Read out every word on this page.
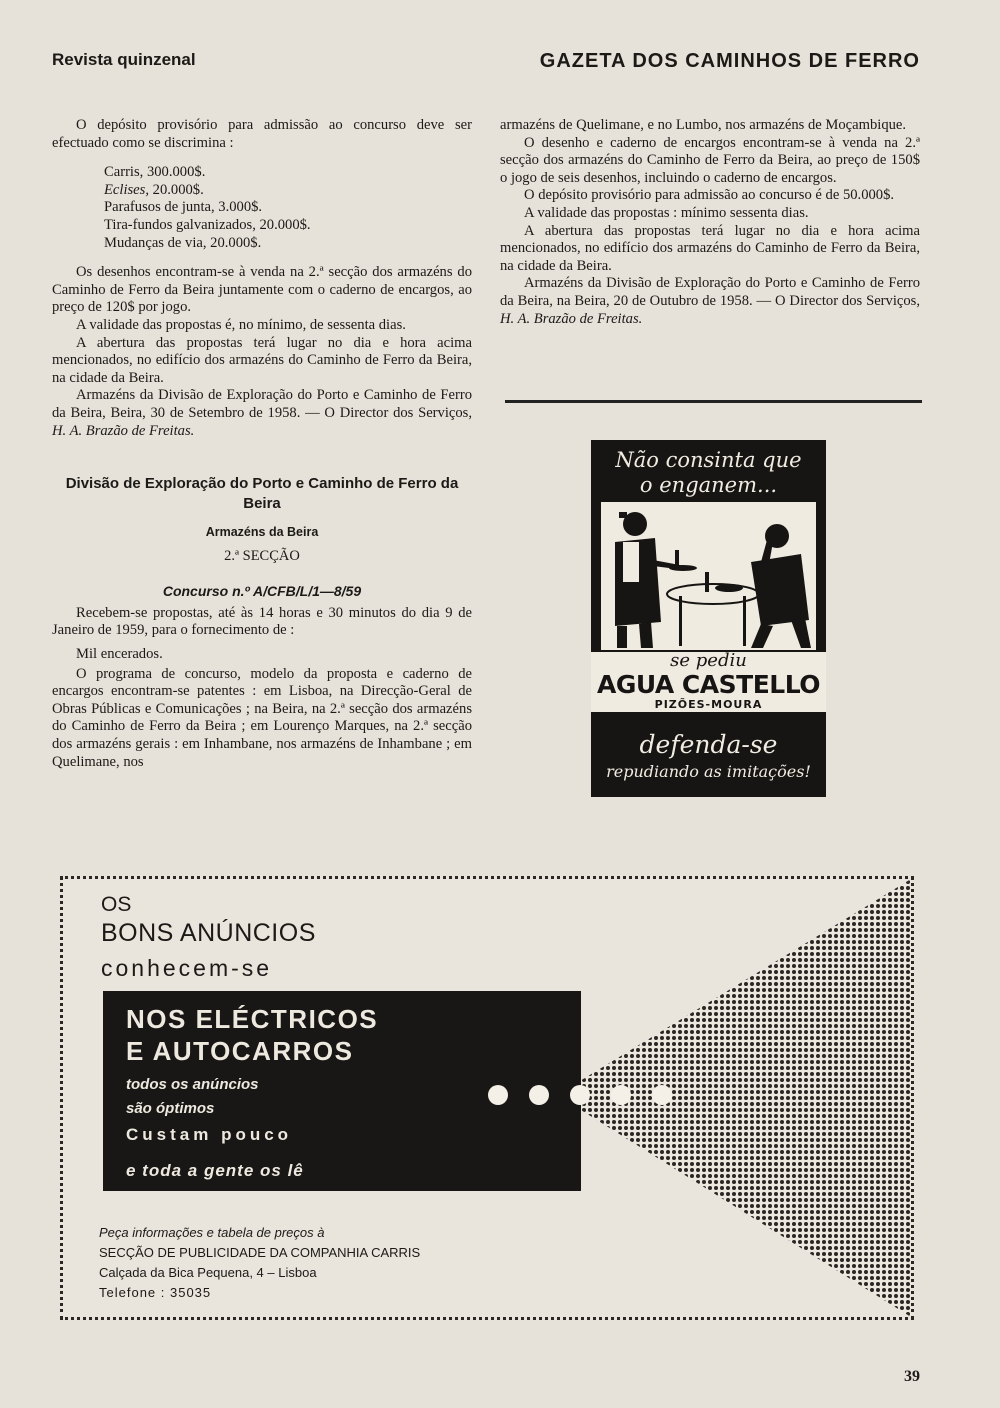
Revista quinzenal	GAZETA DOS CAMINHOS DE FERRO

O depósito provisório para admissão ao concurso deve ser efectuado como se discrimina :

Carris, 300.000$.
Eclises, 20.000$.
Parafusos de junta, 3.000$.
Tira-fundos galvanizados, 20.000$.
Mudanças de via, 20.000$.

Os desenhos encontram-se à venda na 2.ª secção dos armazéns do Caminho de Ferro da Beira juntamente com o caderno de encargos, ao preço de 120$ por jogo.

A validade das propostas é, no mínimo, de sessenta dias.

A abertura das propostas terá lugar no dia e hora acima mencionados, no edifício dos armazéns do Caminho de Ferro da Beira, na cidade da Beira.

Armazéns da Divisão de Exploração do Porto e Caminho de Ferro da Beira, Beira, 30 de Setembro de 1958. — O Director dos Serviços, H. A. Brazão de Freitas.

Divisão de Exploração do Porto e Caminho de Ferro da Beira
Armazéns da Beira
2.ª SECÇÃO
Concurso n.º A/CFB/L/1—8/59

Recebem-se propostas, até às 14 horas e 30 minutos do dia 9 de Janeiro de 1959, para o fornecimento de :

Mil encerados.

O programa de concurso, modelo da proposta e caderno de encargos encontram-se patentes : em Lisboa, na Direcção-Geral de Obras Públicas e Comunicações ; na Beira, na 2.ª secção dos armazéns do Caminho de Ferro da Beira ; em Lourenço Marques, na 2.ª secção dos armazéns gerais : em Inhambane, nos armazéns de Inhambane ; em Quelimane, nos

armazéns de Quelimane, e no Lumbo, nos armazéns de Moçambique.

O desenho e caderno de encargos encontram-se à venda na 2.ª secção dos armazéns do Caminho de Ferro da Beira, ao preço de 150$ o jogo de seis desenhos, incluindo o caderno de encargos.

O depósito provisório para admissão ao concurso é de 50.000$.

A validade das propostas : mínimo sessenta dias.

A abertura das propostas terá lugar no dia e hora acima mencionados, no edifício dos armazéns do Caminho de Ferro da Beira, na cidade da Beira.

Armazéns da Divisão de Exploração do Porto e Caminho de Ferro da Beira, na Beira, 20 de Outubro de 1958. — O Director dos Serviços, H. A. Brazão de Freitas.

Não consinta que
o enganem...
se pediu
AGUA CASTELLO
PIZÕES-MOURA
defenda-se
repudiando as imitações!
OS
BONS ANÚNCIOS
conhecem-se
NOS ELÉCTRICOS
E AUTOCARROS
todos os anúncios
são óptimos
Custam pouco
e toda a gente os lê
Peça informações e tabela de preços à
SECÇÃO DE PUBLICIDADE DA COMPANHIA CARRIS
Calçada da Bica Pequena, 4 – Lisboa
Telefone : 35035
39
